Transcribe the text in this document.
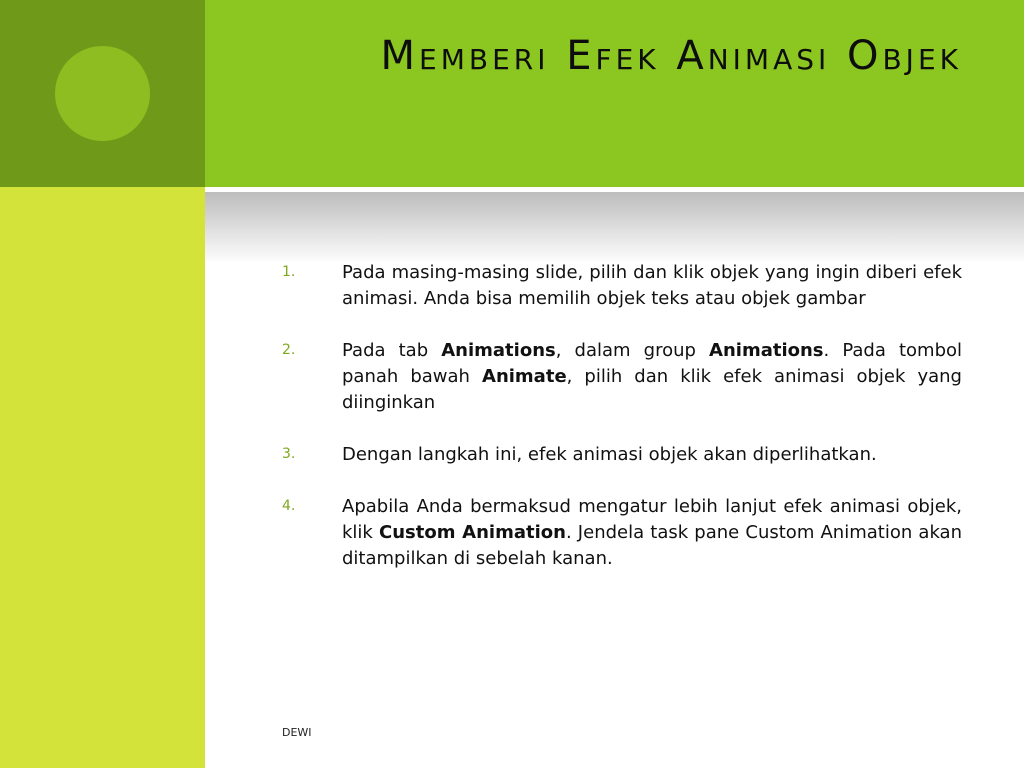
Memberi Efek Animasi Objek
1.	Pada masing-masing slide, pilih dan klik objek yang ingin diberi efek animasi. Anda bisa memilih objek teks atau objek gambar
2.	Pada tab Animations, dalam group Animations. Pada tombol panah bawah Animate, pilih dan klik efek animasi objek yang diinginkan
3.	Dengan langkah ini, efek animasi objek akan diperlihatkan.
4.	Apabila Anda bermaksud mengatur lebih lanjut efek animasi objek, klik Custom Animation. Jendela task pane Custom Animation akan ditampilkan di sebelah kanan.
DEWI
